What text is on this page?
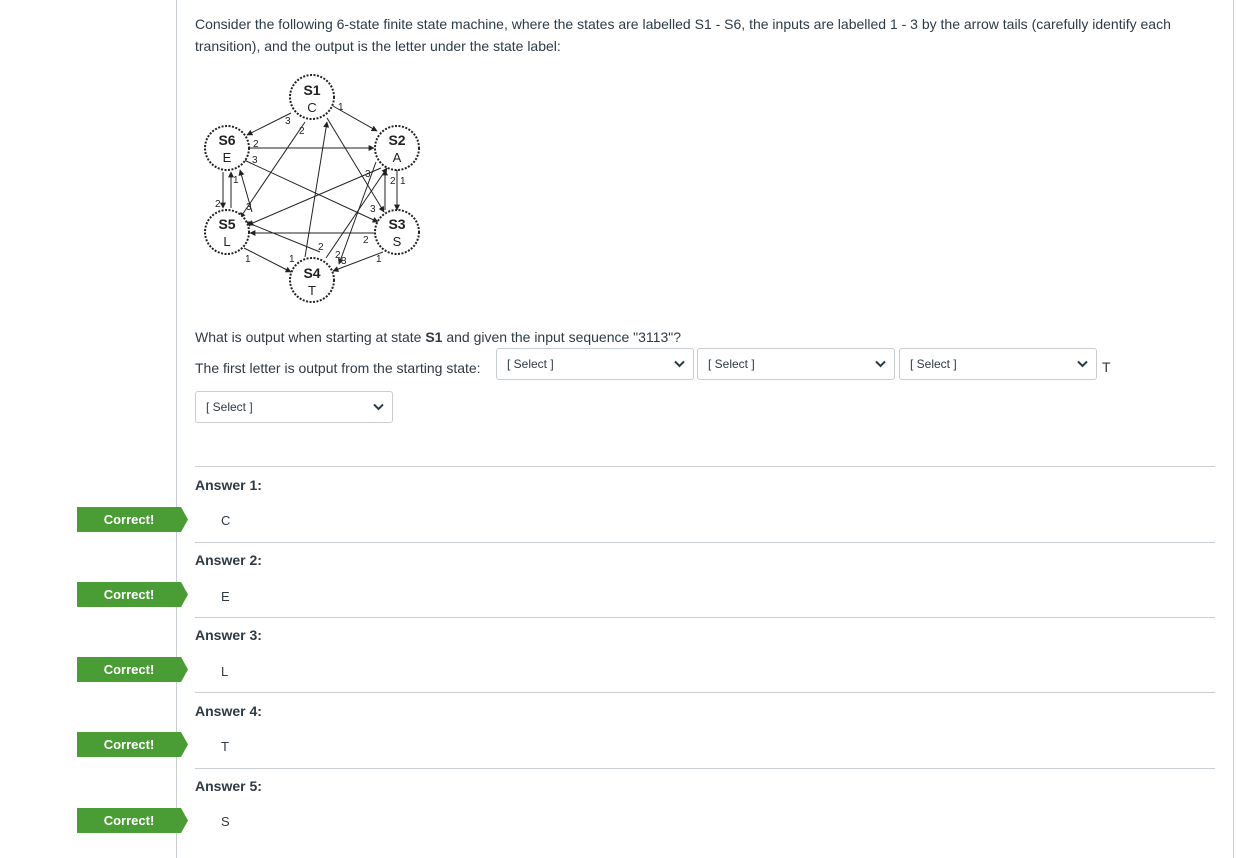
Consider the following 6-state finite state machine, where the states are labelled S1 - S6, the inputs are labelled 1 - 3 by the arrow tails (carefully identify each transition), and the output is the letter under the state label:
S1
C
S2
A
S3
S
S4
T
S5
L
S6
E
3
2
1
2
3
2
1
3
2 1
3
1
2
3
1
2
3
2	1
What is output when starting at state S1 and given the input sequence "3113"?
The first letter is output from the starting state: [ Select ]	[ Select ]	[ Select ]	T
[ Select ]
Answer 1:
Correct!	C
Answer 2:
Correct!	E
Answer 3:
Correct!	L
Answer 4:
Correct!	T
Answer 5:
Correct!	S
